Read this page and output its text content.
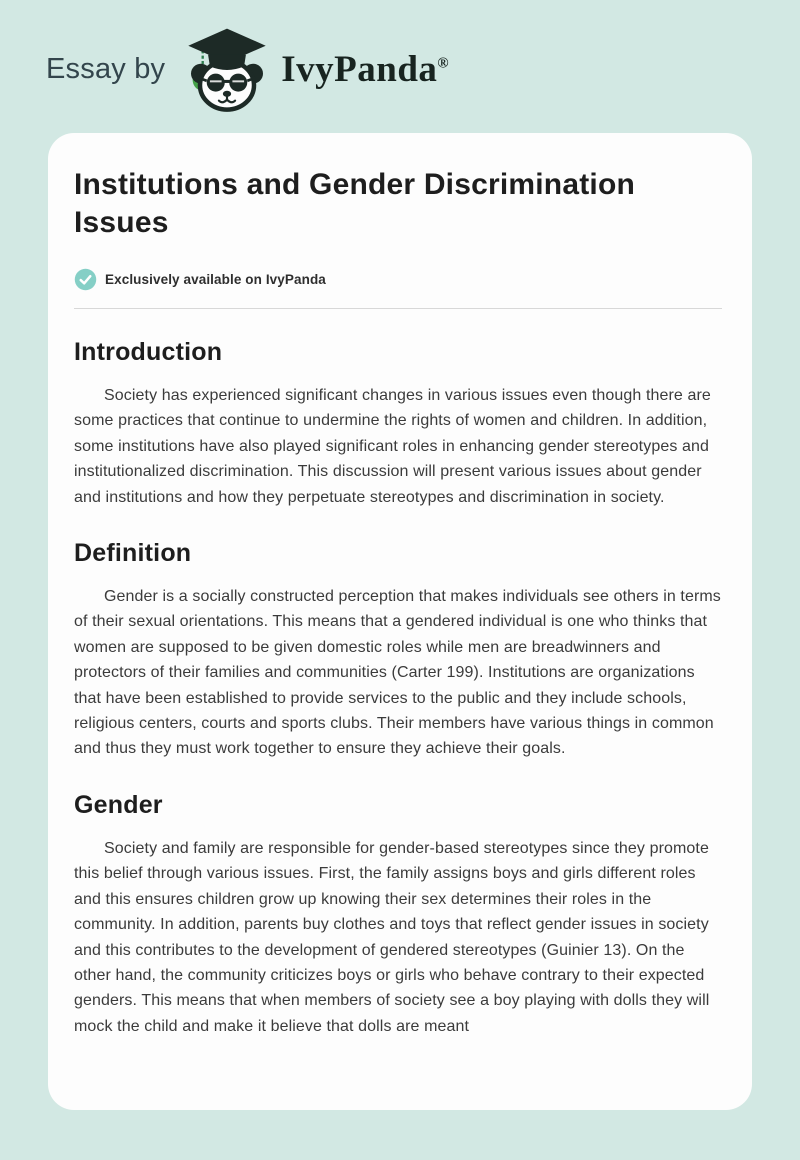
Essay by	IvyPanda®
Institutions and Gender Discrimination Issues
Exclusively available on IvyPanda
Introduction

Society has experienced significant changes in various issues even though there are some practices that continue to undermine the rights of women and children. In addition, some institutions have also played significant roles in enhancing gender stereotypes and institutionalized discrimination. This discussion will present various issues about gender and institutions and how they perpetuate stereotypes and discrimination in society.

Definition

Gender is a socially constructed perception that makes individuals see others in terms of their sexual orientations. This means that a gendered individual is one who thinks that women are supposed to be given domestic roles while men are breadwinners and protectors of their families and communities (Carter 199). Institutions are organizations that have been established to provide services to the public and they include schools, religious centers, courts and sports clubs. Their members have various things in common and thus they must work together to ensure they achieve their goals.

Gender

Society and family are responsible for gender-based stereotypes since they promote this belief through various issues. First, the family assigns boys and girls different roles and this ensures children grow up knowing their sex determines their roles in the community. In addition, parents buy clothes and toys that reflect gender issues in society and this contributes to the development of gendered stereotypes (Guinier 13). On the other hand, the community criticizes boys or girls who behave contrary to their expected genders. This means that when members of society see a boy playing with dolls they will mock the child and make it believe that dolls are meant
